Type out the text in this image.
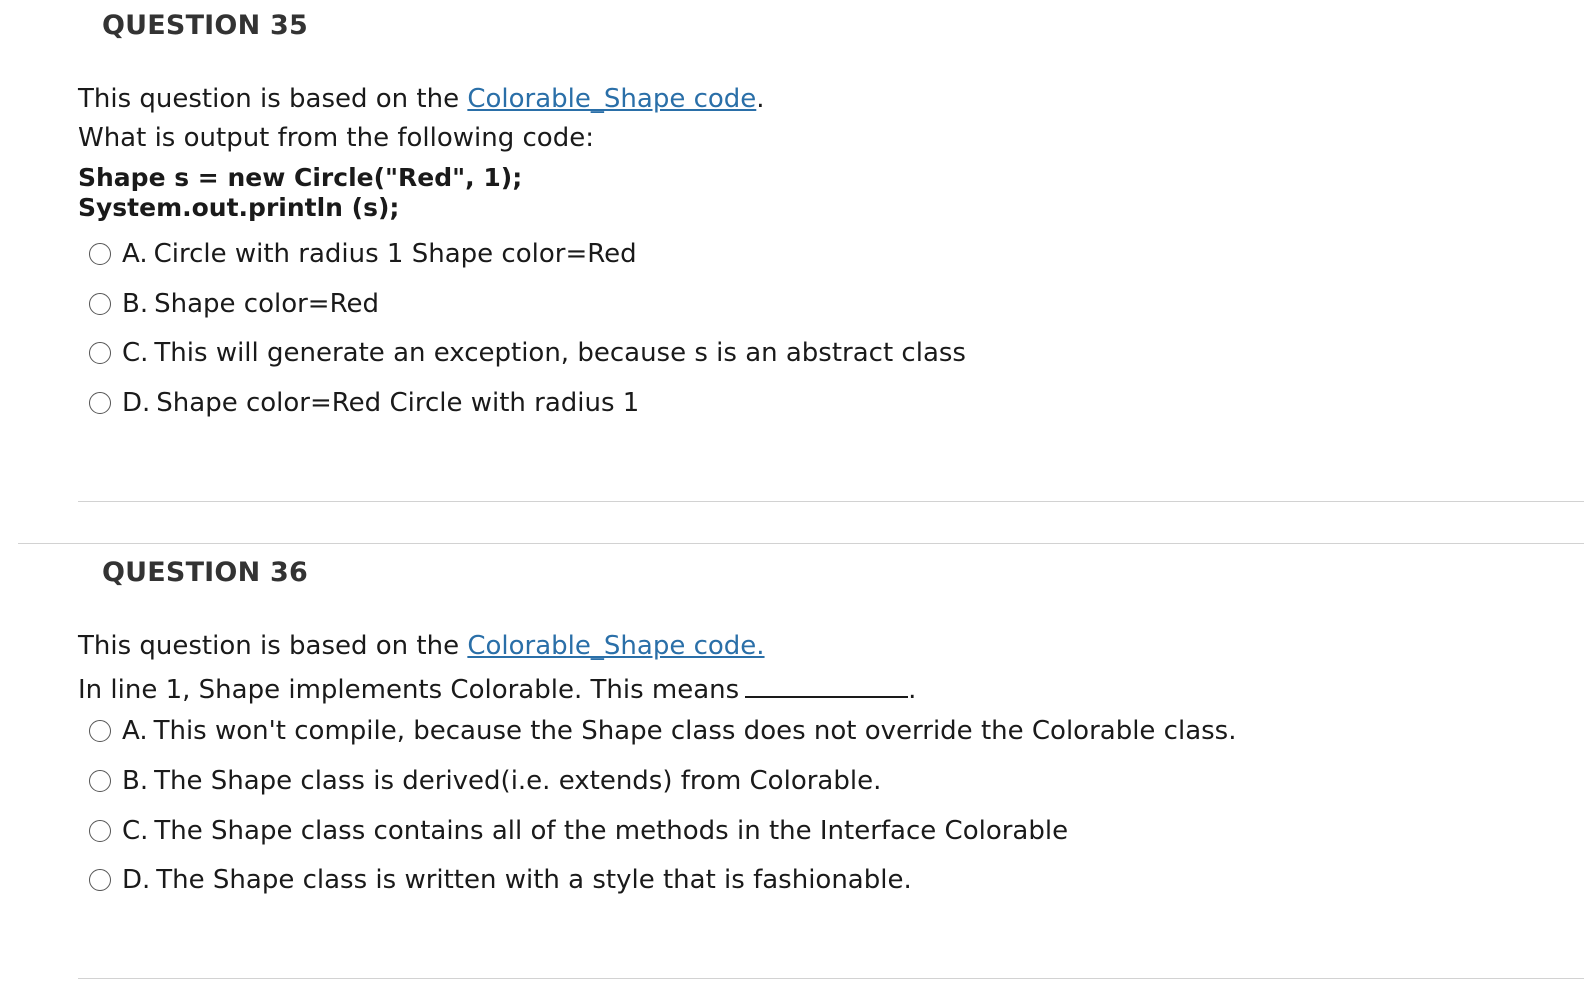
QUESTION 35
This question is based on the Colorable_Shape code.
What is output from the following code:
Shape s = new Circle("Red", 1);
System.out.println (s);
A. Circle with radius 1 Shape color=Red
B. Shape color=Red
C. This will generate an exception, because s is an abstract class
D. Shape color=Red Circle with radius 1
QUESTION 36
This question is based on the Colorable_Shape code.
In line 1, Shape implements Colorable. This means	.
A. This won't compile, because the Shape class does not override the Colorable class.
B. The Shape class is derived(i.e. extends) from Colorable.
C. The Shape class contains all of the methods in the Interface Colorable
D. The Shape class is written with a style that is fashionable.
